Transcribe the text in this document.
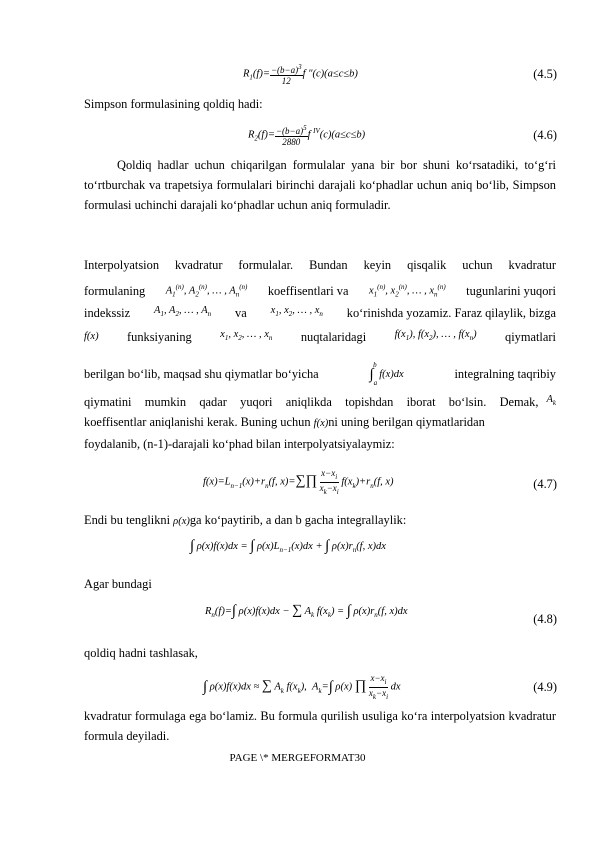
$R_1(f)= \frac{-(b-a)^3}{12}$ f ″(c)(a≤c≤b)	(4.5)
Simpson formulasining qoldiq hadi:
$R_2(f)= \frac{-(b-a)^5}{2880}$ f $^{IV}$(c)(a≤c≤b)	(4.6)
Qoldiq hadlar uchun chiqarilgan formulalar yana bir bor shuni ko‘rsatadiki, to‘g‘ri to‘rtburchak va trapetsiya formulalari birinchi darajali ko‘phadlar uchun aniq bo‘lib, Simpson formulasi uchinchi darajali ko‘phadlar uchun aniq formuladir.
Interpolyatsion kvadratur formulalar. Bundan keyin qisqalik uchun kvadratur
formulaning $A_1^{(n)}$, $A_2^{(n)}$, … , $A_n^{(n)}$ koeffisentlari va $x_1^{(n)}$, $x_2^{(n)}$, … , $x_n^{(n)}$ tugunlarini yuqori
indekssiz $A_1$, $A_2$, … , $A_n$ va $x_1$, $x_2$, … , $x_n$ ko‘rinishda yozamiz. Faraz qilaylik, bizga
f(x) funksiyaning	$x_1$, $x_2$, … , $x_n$ nuqtalaridagi	$f(x_1)$, $f(x_2)$, … , $f(x_n)$ qiymatlari
berilgan bo‘lib, maqsad shu qiymatlar bo‘yicha	$\int_a^b$ f(x)dx	integralning taqribiy
qiymatini mumkin qadar yuqori aniqlikda topishdan iborat bo‘lsin. Demak, $A_k$
koeffisentlar aniqlanishi kerak. Buning uchun f(x)ni uning berilgan qiymatlaridan
foydalanib, (n-1)-darajali ko‘phad bilan interpolyatsiyalaymiz:
$f(x)=L_{n-1}(x)+r_n(f$, x)=∑∏ $\frac{x-x_i}{x_k-x_i} f(x_k)+r_n(f$, x)	(4.7)
Endi bu tenglikni ρ(x)ga ko‘paytirib, a dan b gacha integrallaylik:
∫ ρ(x)f(x)dx = ∫ $\rho(x)L_{n-1}(x)dx$ + ∫ $\rho(x)r_n(f$, x)dx
Agar bundagi
$R_n(f)=\int$ ρ(x)f(x)dx − ∑ $A_k$ $f(x_k)$ = ∫ $\rho(x)r_n(f$, x)dx
(4.8)
qoldiq hadni tashlasak,
∫ ρ(x)f(x)dx ≈ ∑ $A_k$ $f(x_k)$,  $A_k=\int$ ρ(x) ∏ $\frac{x-x_i}{x_k-x_i}$ dx	(4.9)
kvadratur formulaga ega bo‘lamiz. Bu formula qurilish usuliga ko‘ra interpolyatsion kvadratur formula deyiladi.
PAGE \* MERGEFORMAT30
